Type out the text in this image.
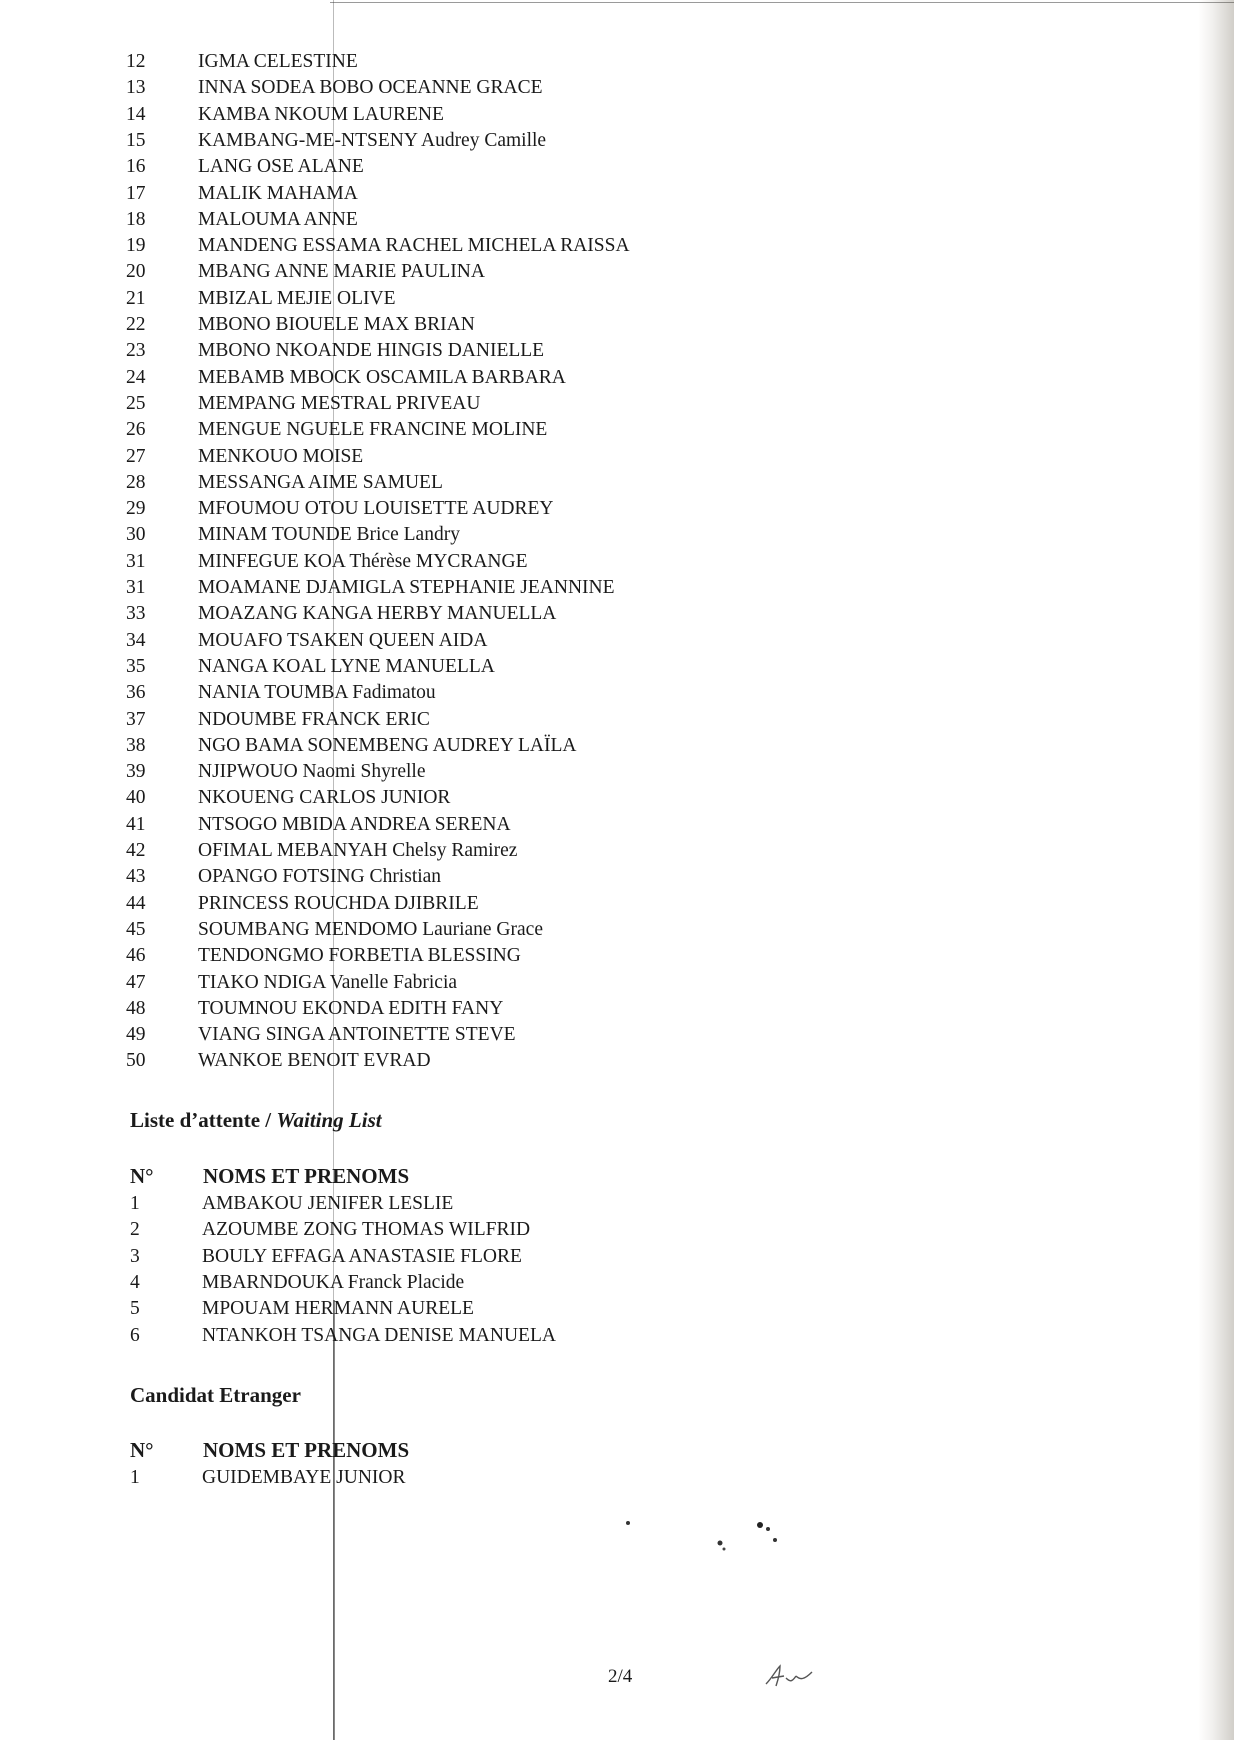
12	IGMA CELESTINE
13	INNA SODEA BOBO OCEANNE GRACE
14	KAMBA NKOUM LAURENE
15	KAMBANG-ME-NTSENY Audrey Camille
16	LANG OSE ALANE
17	MALIK MAHAMA
18	MALOUMA ANNE
19	MANDENG ESSAMA RACHEL MICHELA RAISSA
20	MBANG ANNE MARIE PAULINA
21	MBIZAL MEJIE OLIVE
22	MBONO BIOUELE MAX BRIAN
23	MBONO NKOANDE HINGIS DANIELLE
24	MEBAMB MBOCK OSCAMILA BARBARA
25	MEMPANG MESTRAL PRIVEAU
26	MENGUE NGUELE FRANCINE MOLINE
27	MENKOUO MOISE
28	MESSANGA AIME SAMUEL
29	MFOUMOU OTOU LOUISETTE AUDREY
30	MINAM TOUNDE Brice Landry
31	MINFEGUE KOA Thérèse MYCRANGE
31	MOAMANE DJAMIGLA STEPHANIE JEANNINE
33	MOAZANG KANGA HERBY MANUELLA
34	MOUAFO TSAKEN QUEEN AIDA
35	NANGA KOAL LYNE MANUELLA
36	NANIA TOUMBA Fadimatou
37	NDOUMBE FRANCK ERIC
38	NGO BAMA SONEMBENG AUDREY LAÏLA
39	NJIPWOUO Naomi Shyrelle
40	NKOUENG CARLOS JUNIOR
41	NTSOGO MBIDA ANDREA SERENA
42	OFIMAL MEBANYAH Chelsy Ramirez
43	OPANGO FOTSING Christian
44	PRINCESS ROUCHDA DJIBRILE
45	SOUMBANG MENDOMO Lauriane Grace
46	TENDONGMO FORBETIA BLESSING
47	TIAKO NDIGA Vanelle Fabricia
48	TOUMNOU EKONDA EDITH FANY
49	VIANG SINGA ANTOINETTE STEVE
50	WANKOE BENOIT EVRAD
Liste d’attente / Waiting List
N° NOMS ET PRENOMS
1	AMBAKOU JENIFER LESLIE
2	AZOUMBE ZONG THOMAS WILFRID
3	BOULY EFFAGA ANASTASIE FLORE
4	MBARNDOUKA Franck Placide
5	MPOUAM HERMANN AURELE
6	NTANKOH TSANGA DENISE MANUELA
Candidat Etranger
N° NOMS ET PRENOMS
1	GUIDEMBAYE JUNIOR
2/4
